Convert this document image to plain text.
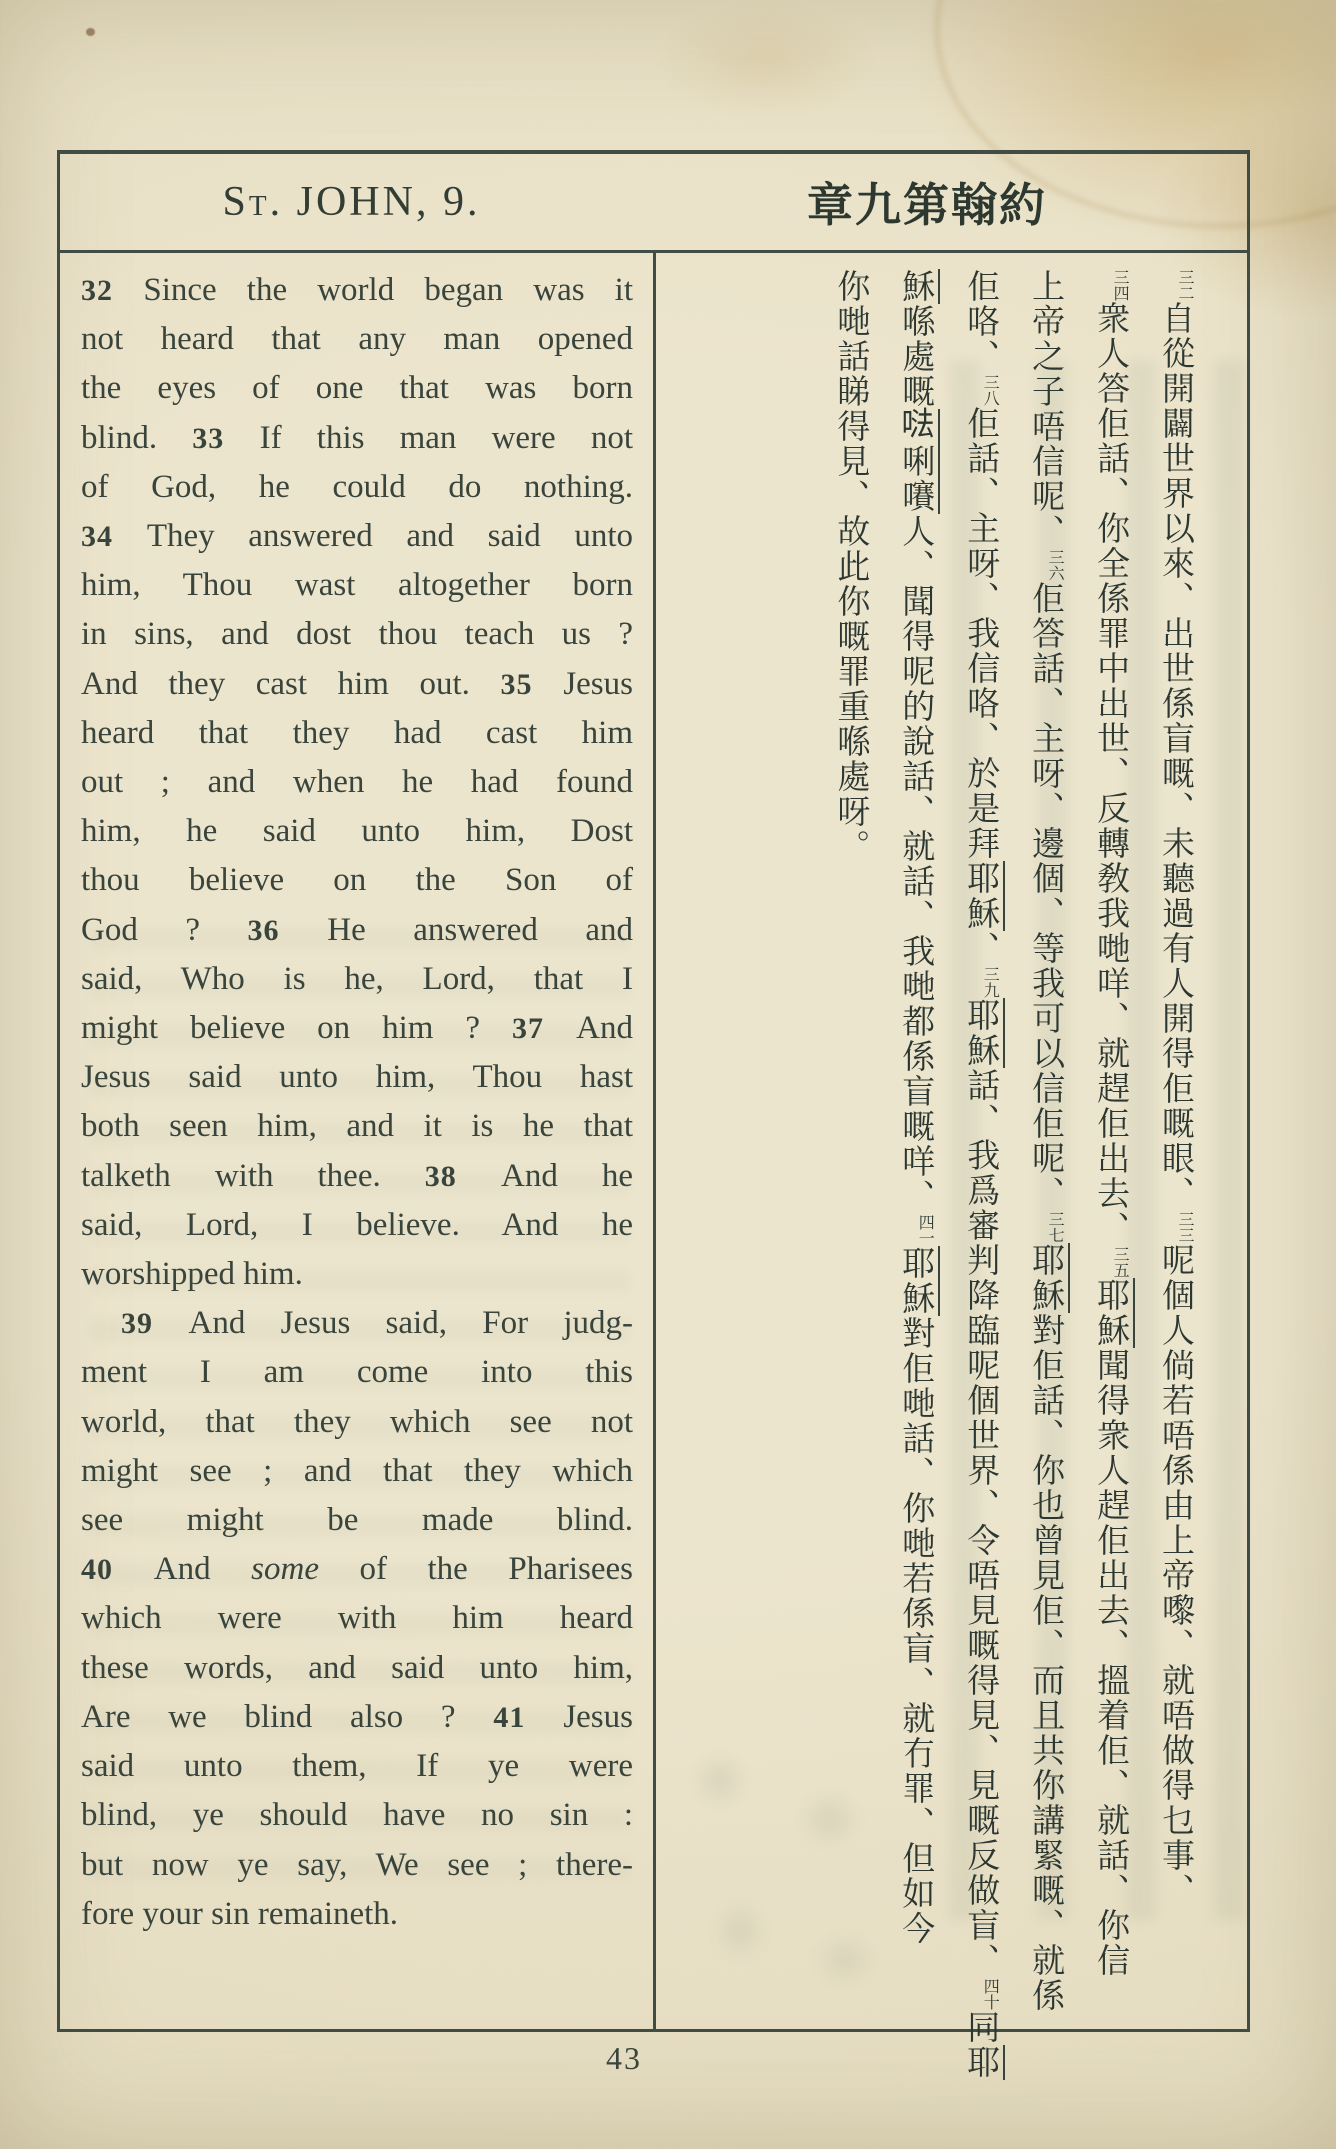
St. JOHN, 9.	章九第翰約
32 Since the world began was it
not heard that any man opened
the eyes of one that was born
blind. 33 If this man were not
of God, he could do nothing.
34 They answered and said unto
him, Thou wast altogether born
in sins, and dost thou teach us ?
And they cast him out. 35 Jesus
heard that they had cast him
out ; and when he had found
him, he said unto him, Dost
thou believe on the Son of
God ? 36 He answered and
said, Who is he, Lord, that I
might believe on him ? 37 And
Jesus said unto him, Thou hast
both seen him, and it is he that
talketh with thee. 38 And he
said, Lord, I believe. And he
worshipped him.
39 And Jesus said, For judg-
ment I am come into this
world, that they which see not
might see ; and that they which
see might be made blind.
40 And some of the Pharisees
which were with him heard
these words, and said unto him,
Are we blind also ? 41 Jesus
said unto them, If ye were
blind, ye should have no sin :
but now ye say, We see ; there-
fore your sin remaineth.
三二自從開闢世界以來、出世係盲嘅、未聽過有人開得佢嘅眼、三三呢個人倘若唔係由上帝嚟、就唔做得乜事、
三四衆人答佢話、你全係罪中出世、反轉敎我哋咩、就趕佢出去、三五耶穌聞得衆人趕佢出去、搵着佢、就話、你信
上帝之子唔信呢、三六佢答話、主呀、邊個、等我可以信佢呢、三七耶穌對佢話、你也曾見佢、而且共你講緊嘅、就係
佢咯、三八佢話、主呀、我信咯、於是拜耶穌、三九耶穌話、我爲審判降臨呢個世界、令唔見嘅得見、見嘅反做盲、四十同耶
穌喺處嘅𠵽唎㘔人、聞得呢的說話、就話、我哋都係盲嘅咩、四一耶穌對佢哋話、你哋若係盲、就冇罪、但如今
你哋話睇得見、故此你嘅罪重喺處呀。
43
